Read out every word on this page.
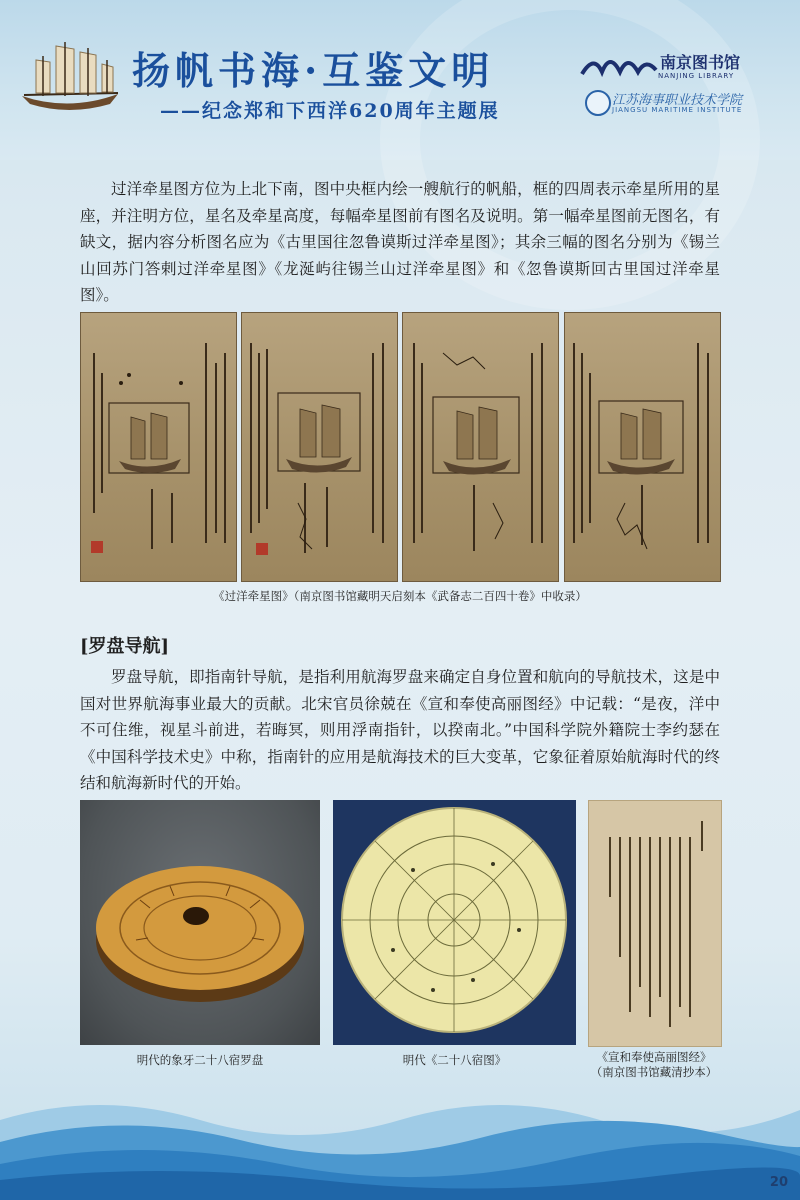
扬帆书海·互鉴文明
——纪念郑和下西洋620周年主题展
南京图书馆
NANJING LIBRARY
江苏海事职业技术学院
JIANGSU MARITIME INSTITUTE
过洋牵星图方位为上北下南，图中央框内绘一艘航行的帆船，框的四周表示牵星所用的星座，并注明方位，星名及牵星高度，每幅牵星图前有图名及说明。第一幅牵星图前无图名，有缺文，据内容分析图名应为《古里国往忽鲁谟斯过洋牵星图》；其余三幅的图名分别为《锡兰山回苏门答剌过洋牵星图》《龙涎屿往锡兰山过洋牵星图》和《忽鲁谟斯回古里国过洋牵星图》。
《过洋牵星图》（南京图书馆藏明天启刻本《武备志二百四十卷》中收录）
[罗盘导航]
罗盘导航，即指南针导航，是指利用航海罗盘来确定自身位置和航向的导航技术，这是中国对世界航海事业最大的贡献。北宋官员徐兢在《宣和奉使高丽图经》中记载：“是夜，洋中不可住维，视星斗前进，若晦冥，则用浮南指针，以揆南北。”中国科学院外籍院士李约瑟在《中国科学技术史》中称，指南针的应用是航海技术的巨大变革，它象征着原始航海时代的终结和航海新时代的开始。
明代的象牙二十八宿罗盘	明代《二十八宿图》	《宣和奉使高丽图经》
（南京图书馆藏清抄本）
20
